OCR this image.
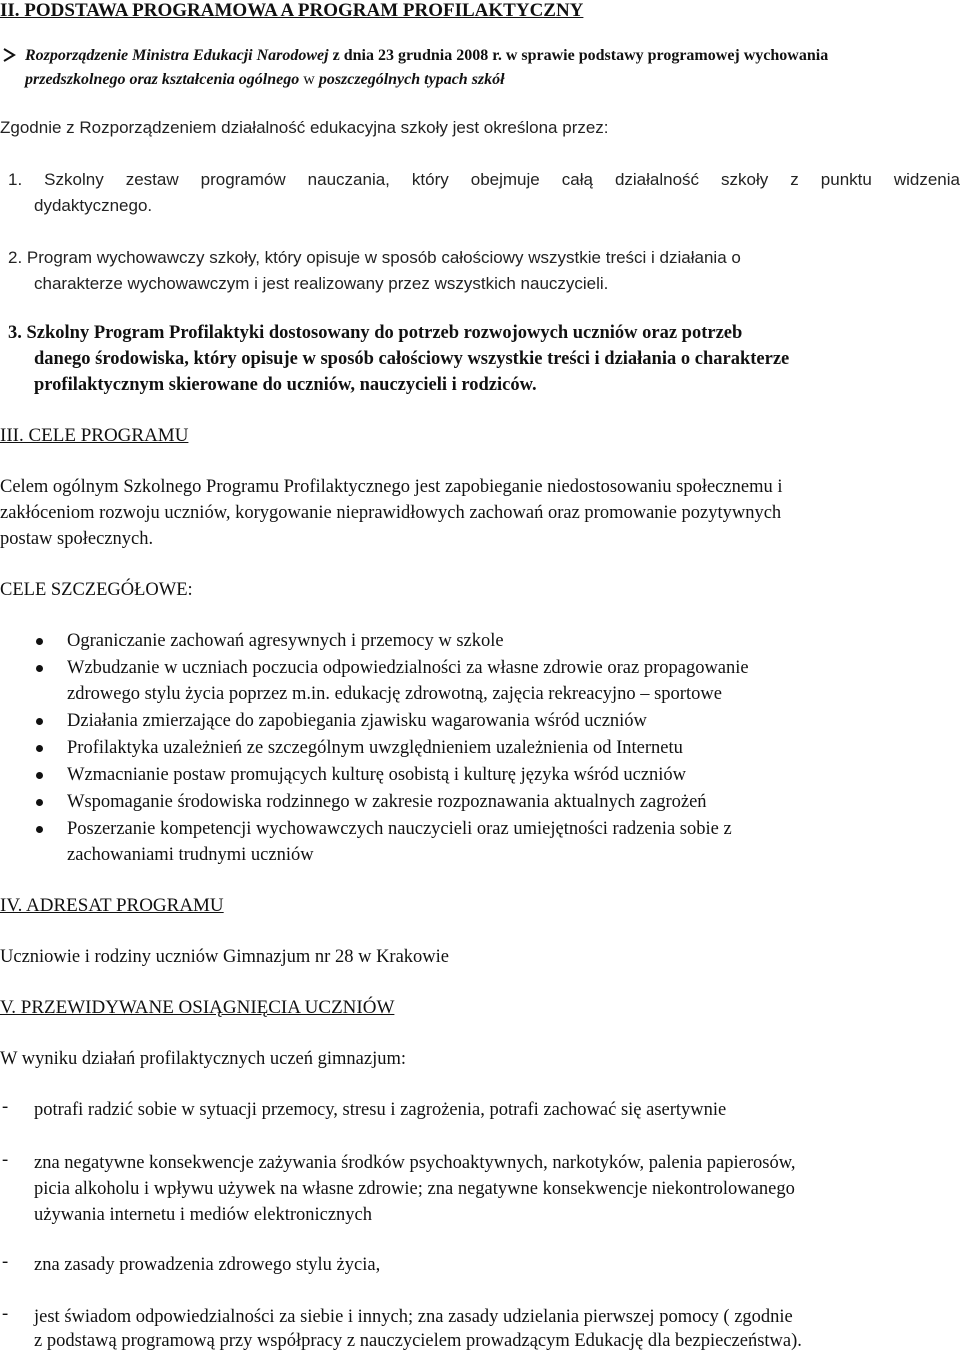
II. PODSTAWA PROGRAMOWA A PROGRAM PROFILAKTYCZNY
Rozporządzenie Ministra Edukacji Narodowej z dnia 23 grudnia 2008 r. w sprawie podstawy programowej wychowania
przedszkolnego oraz kształcenia ogólnego w poszczególnych typach szkół
Zgodnie z Rozporządzeniem działalność edukacyjna szkoły jest określona przez:
1. Szkolny zestaw programów nauczania, który obejmuje całą działalność szkoły z punktu widzenia
dydaktycznego.
2. Program wychowawczy szkoły, który opisuje w sposób całościowy wszystkie treści i działania o
charakterze wychowawczym i jest realizowany przez wszystkich nauczycieli.
3. Szkolny Program Profilaktyki dostosowany do potrzeb rozwojowych uczniów oraz potrzeb
danego środowiska, który opisuje w sposób całościowy wszystkie treści i działania o charakterze
profilaktycznym skierowane do uczniów, nauczycieli i rodziców.
III. CELE PROGRAMU
Celem ogólnym Szkolnego Programu Profilaktycznego jest zapobieganie niedostosowaniu społecznemu i
zakłóceniom rozwoju uczniów, korygowanie nieprawidłowych zachowań oraz promowanie pozytywnych
postaw społecznych.
CELE SZCZEGÓŁOWE:
Ograniczanie zachowań agresywnych i przemocy w szkole
Wzbudzanie w uczniach poczucia odpowiedzialności za własne zdrowie oraz propagowanie
zdrowego stylu życia poprzez m.in. edukację zdrowotną, zajęcia rekreacyjno – sportowe
Działania zmierzające do zapobiegania zjawisku wagarowania wśród uczniów
Profilaktyka uzależnień ze szczególnym uwzględnieniem uzależnienia od Internetu
Wzmacnianie postaw promujących kulturę osobistą i kulturę języka wśród uczniów
Wspomaganie środowiska rodzinnego w zakresie rozpoznawania aktualnych zagrożeń
Poszerzanie kompetencji wychowawczych nauczycieli oraz umiejętności radzenia sobie z
zachowaniami trudnymi uczniów
IV. ADRESAT PROGRAMU
Uczniowie i rodziny uczniów Gimnazjum nr 28 w Krakowie
V. PRZEWIDYWANE OSIĄGNIĘCIA UCZNIÓW
W wyniku działań profilaktycznych uczeń gimnazjum:
- potrafi radzić sobie w sytuacji przemocy, stresu i zagrożenia, potrafi zachować się asertywnie
- zna negatywne konsekwencje zażywania środków psychoaktywnych, narkotyków, palenia papierosów,
picia alkoholu i wpływu używek na własne zdrowie; zna negatywne konsekwencje niekontrolowanego
używania internetu i mediów elektronicznych
- zna zasady prowadzenia zdrowego stylu życia,
- jest świadom odpowiedzialności za siebie i innych; zna zasady udzielania pierwszej pomocy ( zgodnie
z podstawą programową przy współpracy z nauczycielem prowadzącym Edukację dla bezpieczeństwa).
